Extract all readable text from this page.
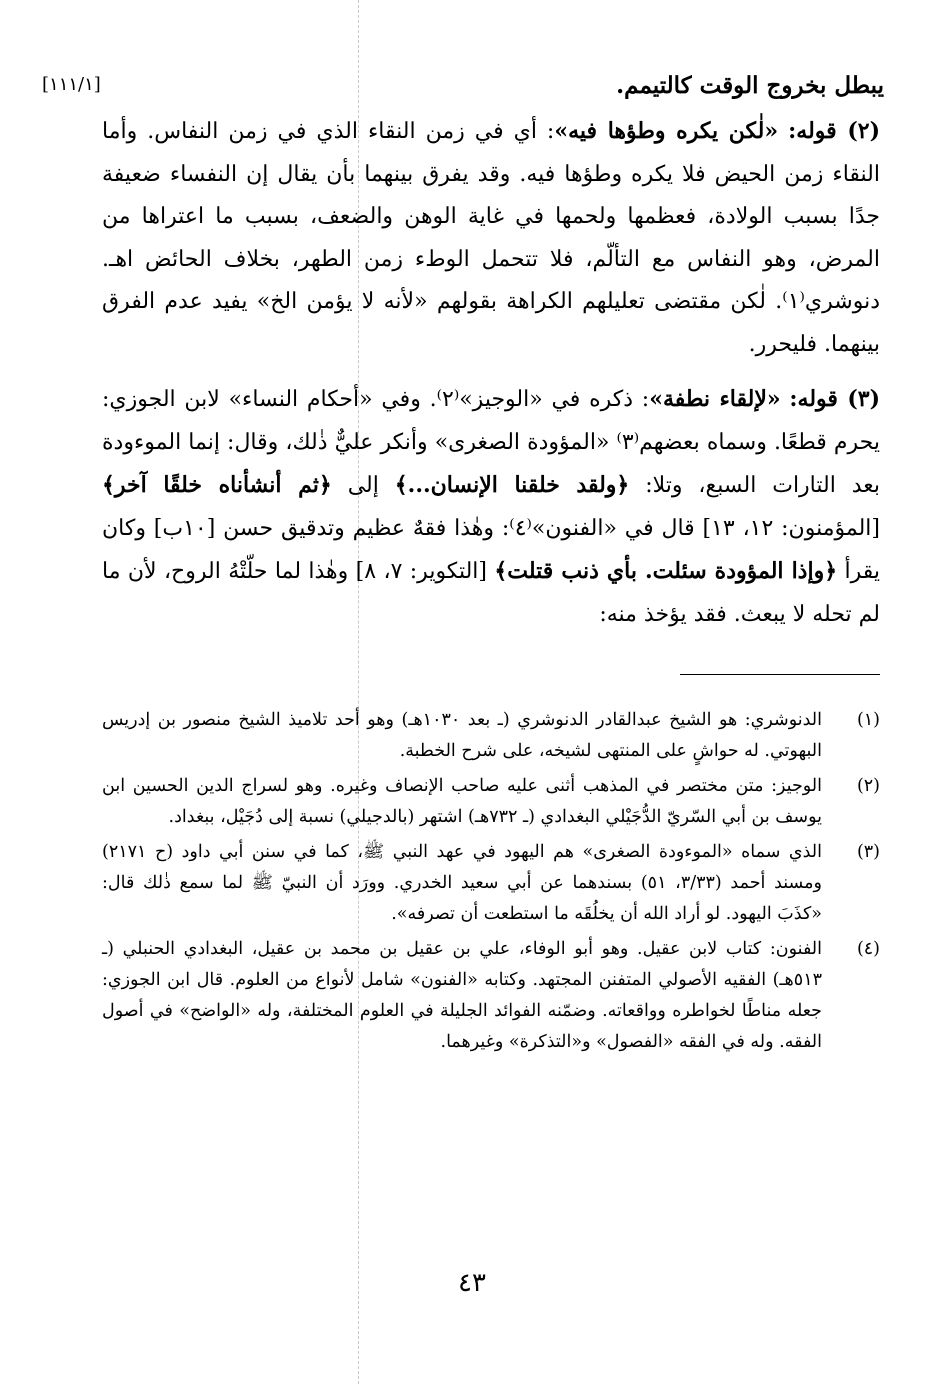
يبطل بخروج الوقت كالتيمم.
[١١١/١]

(٢) قوله: «لٰكن يكره وطؤها فيه»: أي في زمن النقاء الذي في زمن النفاس. وأما النقاء زمن الحيض فلا يكره وطؤها فيه. وقد يفرق بينهما بأن يقال إن النفساء ضعيفة جدًا بسبب الولادة، فعظمها ولحمها في غاية الوهن والضعف، بسبب ما اعتراها من المرض، وهو النفاس مع التألّم، فلا تتحمل الوطء زمن الطهر، بخلاف الحائض اهـ. دنوشري⁽١⁾. لٰكن مقتضى تعليلهم الكراهة بقولهم «لأنه لا يؤمن الخ» يفيد عدم الفرق بينهما. فليحرر.

(٣) قوله: «لإلقاء نطفة»: ذكره في «الوجيز»⁽٢⁾. وفي «أحكام النساء» لابن الجوزي: يحرم قطعًا. وسماه بعضهم⁽٣⁾ «المؤودة الصغرى» وأنكر عليٌّ ذٰلك، وقال: إنما الموءودة بعد التارات السبع، وتلا: ﴿ولقد خلقنا الإنسان...﴾ إلى ﴿ثم أنشأناه خلقًا آخر﴾ [المؤمنون: ١٢، ١٣] قال في «الفنون»⁽٤⁾: وهٰذا فقهٌ عظيم وتدقيق حسن [١٠ب] وكان يقرأ ﴿وإذا المؤودة سئلت. بأي ذنب قتلت﴾ [التكوير: ٧، ٨] وهٰذا لما حلّتْهُ الروح، لأن ما لم تحله لا يبعث. فقد يؤخذ منه:

(١)
الدنوشري: هو الشيخ عبدالقادر الدنوشري (ـ بعد ١٠٣٠هـ) وهو أحد تلاميذ الشيخ منصور بن إدريس البهوتي. له حواشٍ على المنتهى لشيخه، على شرح الخطبة.
(٢)
الوجيز: متن مختصر في المذهب أثنى عليه صاحب الإنصاف وغيره. وهو لسراج الدين الحسين ابن يوسف بن أبي السّريّ الدُّجَيْلي البغدادي (ـ ٧٣٢هـ) اشتهر (بالدجيلي) نسبة إلى دُجَيْل، ببغداد.
(٣)
الذي سماه «الموءودة الصغرى» هم اليهود في عهد النبي ﷺ، كما في سنن أبي داود (ح ٢١٧١) ومسند أحمد (٣/٣٣، ٥١) بسندهما عن أبي سعيد الخدري. وورَد أن النبيّ ﷺ لما سمع ذٰلك قال: «كذَبَ اليهود. لو أراد الله أن يخلُقَه ما استطعت أن تصرفه».
(٤)
الفنون: كتاب لابن عقيل. وهو أبو الوفاء، علي بن عقيل بن محمد بن عقيل، البغدادي الحنبلي (ـ ٥١٣هـ) الفقيه الأصولي المتفنن المجتهد. وكتابه «الفنون» شامل لأنواع من العلوم. قال ابن الجوزي: جعله مناطًا لخواطره وواقعاته. وضمّنه الفوائد الجليلة في العلوم المختلفة، وله «الواضح» في أصول الفقه. وله في الفقه «الفصول» و«التذكرة» وغيرهما.
٤٣
